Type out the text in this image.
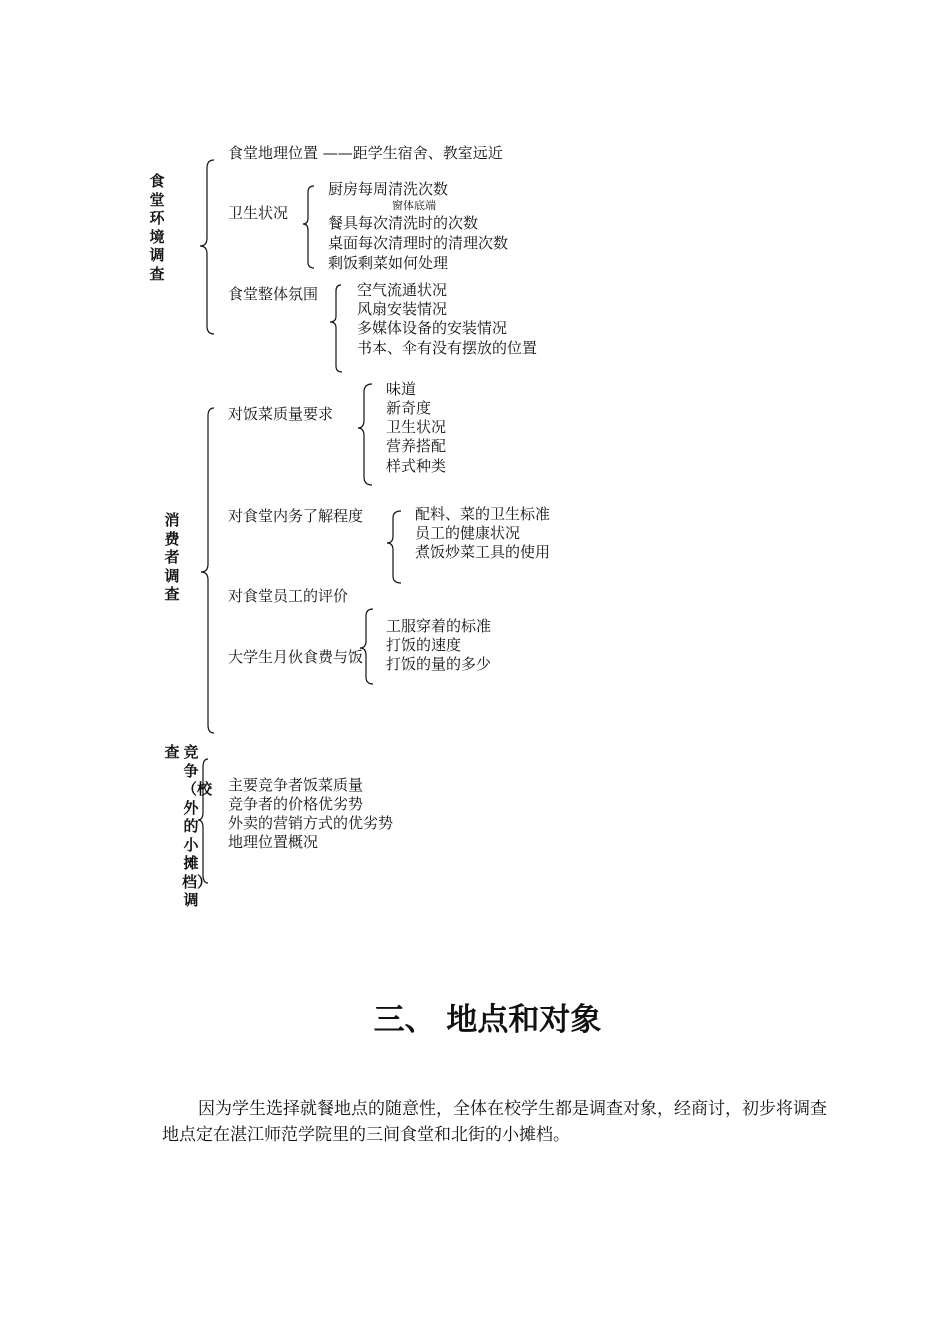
食堂环境调查
食堂地理位置 ——距学生宿舍、教室远近
卫生状况
厨房每周清洗次数
窗体底端
餐具每次清洗时的次数
桌面每次清理时的清理次数
剩饭剩菜如何处理
食堂整体氛围	空气流通状况
风扇安装情况
多媒体设备的安装情况
书本、伞有没有摆放的位置
消费者调查
对饭菜质量要求
味道
新奇度
卫生状况
营养搭配
样式种类
对食堂内务了解程度	配料、菜的卫生标准
员工的健康状况
煮饭炒菜工具的使用
对食堂员工的评价
工服穿着的标准
打饭的速度
打饭的量的多少
大学生月伙食费与饭
查 竞争（校外的小摊档）调
主要竞争者饭菜质量
竞争者的价格优劣势
外卖的营销方式的优劣势
地理位置概况
三、 地点和对象
因为学生选择就餐地点的随意性，全体在校学生都是调查对象，经商讨，初步将调查地点定在湛江师范学院里的三间食堂和北街的小摊档。
